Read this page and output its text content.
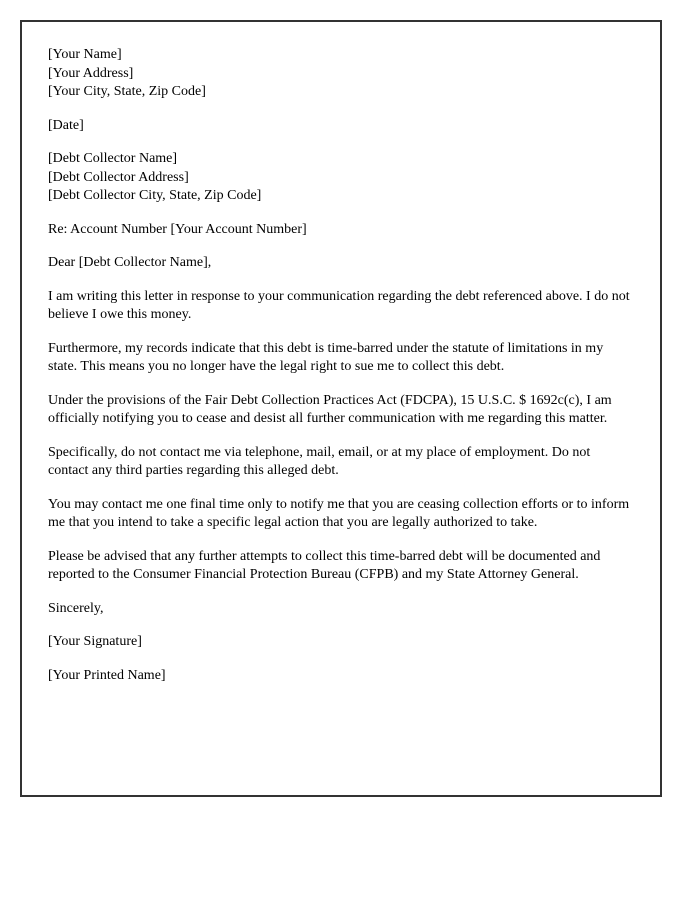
[Your Name]
[Your Address]
[Your City, State, Zip Code]
[Date]
[Debt Collector Name]
[Debt Collector Address]
[Debt Collector City, State, Zip Code]
Re: Account Number [Your Account Number]
Dear [Debt Collector Name],

I am writing this letter in response to your communication regarding the debt referenced above. I do not believe I owe this money.

Furthermore, my records indicate that this debt is time-barred under the statute of limitations in my state. This means you no longer have the legal right to sue me to collect this debt.

Under the provisions of the Fair Debt Collection Practices Act (FDCPA), 15 U.S.C. $ 1692c(c), I am officially notifying you to cease and desist all further communication with me regarding this matter.

Specifically, do not contact me via telephone, mail, email, or at my place of employment. Do not contact any third parties regarding this alleged debt.

You may contact me one final time only to notify me that you are ceasing collection efforts or to inform me that you intend to take a specific legal action that you are legally authorized to take.

Please be advised that any further attempts to collect this time-barred debt will be documented and reported to the Consumer Financial Protection Bureau (CFPB) and my State Attorney General.

Sincerely,
[Your Signature]
[Your Printed Name]
